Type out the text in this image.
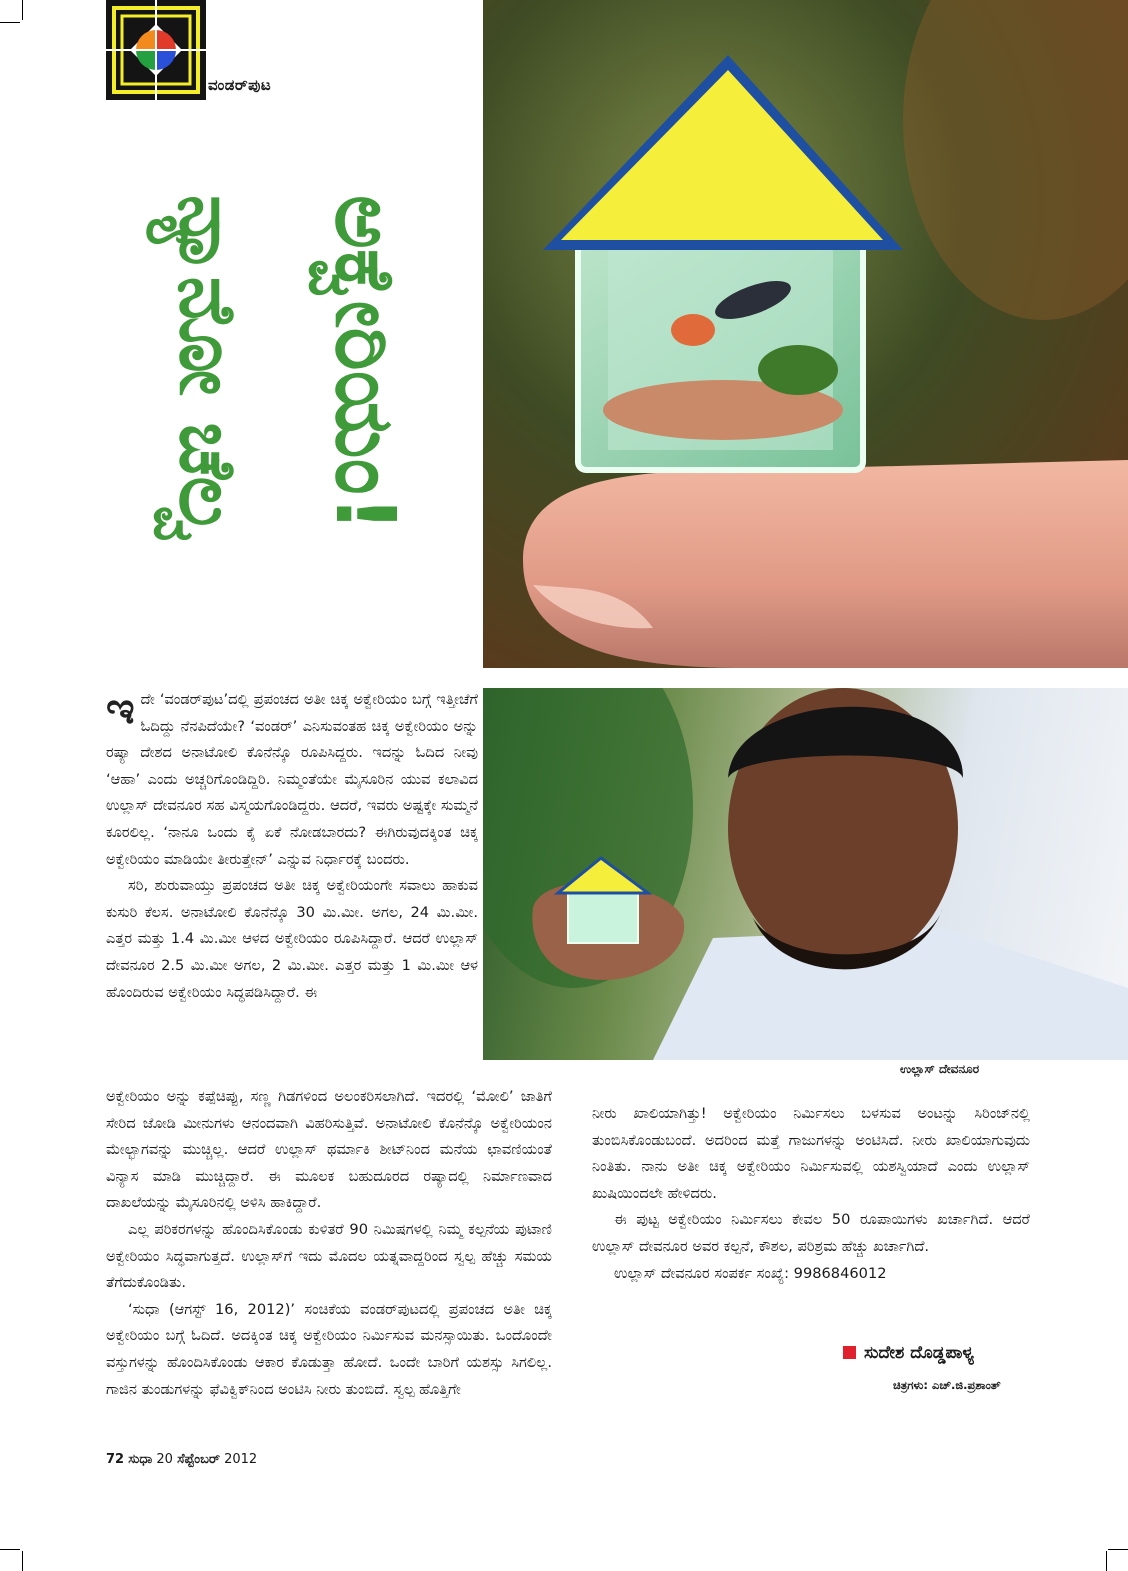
ವಂಡರ್‌ಪುಟ
ನ್ಯಾನೋ ಚೆಲ್ವ ಅಕ್ವೇರಿಯಂ!
ಉಲ್ಲಾಸ್ ದೇವನೂರ

ಇದೇ ‘ವಂಡರ್‌ಪುಟ’ದಲ್ಲಿ ಪ್ರಪಂಚದ ಅತೀ ಚಿಕ್ಕ ಅಕ್ವೇರಿಯಂ ಬಗ್ಗೆ ಇತ್ತೀಚೆಗೆ ಓದಿದ್ದು ನೆನಪಿದೆಯೇ? ‘ವಂಡರ್’ ಎನಿಸುವಂತಹ ಚಿಕ್ಕ ಅಕ್ವೇರಿಯಂ ಅನ್ನು ರಷ್ಯಾ ದೇಶದ ಅನಾಟೋಲಿ ಕೊನೆನ್ಕೊ ರೂಪಿಸಿದ್ದರು. ಇದನ್ನು ಓದಿದ ನೀವು ‘ಆಹಾ’ ಎಂದು ಅಚ್ಚರಿಗೊಂಡಿದ್ದಿರಿ. ನಿಮ್ಮಂತೆಯೇ ಮೈಸೂರಿನ ಯುವ ಕಲಾವಿದ ಉಲ್ಲಾಸ್ ದೇವನೂರ ಸಹ ವಿಸ್ಮಯಗೊಂಡಿದ್ದರು. ಆದರೆ, ಇವರು ಅಷ್ಟಕ್ಕೇ ಸುಮ್ಮನೆ ಕೂರಲಿಲ್ಲ. ‘ನಾನೂ ಒಂದು ಕೈ ಏಕೆ ನೋಡಬಾರದು? ಈಗಿರುವುದಕ್ಕಿಂತ ಚಿಕ್ಕ ಅಕ್ವೇರಿಯಂ ಮಾಡಿಯೇ ತೀರುತ್ತೇನ್’ ಎನ್ನುವ ನಿರ್ಧಾರಕ್ಕೆ ಬಂದರು.

ಸರಿ, ಶುರುವಾಯ್ತು ಪ್ರಪಂಚದ ಅತೀ ಚಿಕ್ಕ ಅಕ್ವೇರಿಯಂಗೇ ಸವಾಲು ಹಾಕುವ ಕುಸುರಿ ಕೆಲಸ. ಅನಾಟೋಲಿ ಕೊನೆನ್ಕೊ 30 ಮಿ.ಮೀ. ಅಗಲ, 24 ಮಿ.ಮೀ. ಎತ್ತರ ಮತ್ತು 1.4 ಮಿ.ಮೀ ಆಳದ ಅಕ್ವೇರಿಯಂ ರೂಪಿಸಿದ್ದಾರೆ. ಆದರೆ ಉಲ್ಲಾಸ್ ದೇವನೂರ 2.5 ಮಿ.ಮೀ ಅಗಲ, 2 ಮಿ.ಮೀ. ಎತ್ತರ ಮತ್ತು 1 ಮಿ.ಮೀ ಆಳ ಹೊಂದಿರುವ ಅಕ್ವೇರಿಯಂ ಸಿದ್ಧಪಡಿಸಿದ್ದಾರೆ. ಈ

ಅಕ್ವೇರಿಯಂ ಅನ್ನು ಕಪ್ಪೆಚಿಪ್ಪು, ಸಣ್ಣ ಗಿಡಗಳಿಂದ ಅಲಂಕರಿಸಲಾಗಿದೆ. ಇದರಲ್ಲಿ ‘ಮೋಲಿ’ ಜಾತಿಗೆ ಸೇರಿದ ಜೋಡಿ ಮೀನುಗಳು ಆನಂದವಾಗಿ ವಿಹರಿಸುತ್ತಿವೆ. ಅನಾಟೋಲಿ ಕೊನೆನ್ಕೊ ಅಕ್ವೇರಿಯಂನ ಮೇಲ್ಭಾಗವನ್ನು ಮುಚ್ಚಿಲ್ಲ. ಆದರೆ ಉಲ್ಲಾಸ್ ಥರ್ಮಾಕಿ ಶೀಟ್‌ನಿಂದ ಮನೆಯ ಛಾವಣಿಯಂತೆ ವಿನ್ಯಾಸ ಮಾಡಿ ಮುಚ್ಚಿದ್ದಾರೆ. ಈ ಮೂಲಕ ಬಹುದೂರದ ರಷ್ಯಾದಲ್ಲಿ ನಿರ್ಮಾಣವಾದ ದಾಖಲೆಯನ್ನು ಮೈಸೂರಿನಲ್ಲಿ ಅಳಿಸಿ ಹಾಕಿದ್ದಾರೆ.

ಎಲ್ಲ ಪರಿಕರಗಳನ್ನು ಹೊಂದಿಸಿಕೊಂಡು ಕುಳಿತರೆ 90 ನಿಮಿಷಗಳಲ್ಲಿ ನಿಮ್ಮ ಕಲ್ಪನೆಯ ಪುಟಾಣಿ ಅಕ್ವೇರಿಯಂ ಸಿದ್ಧವಾಗುತ್ತದೆ. ಉಲ್ಲಾಸ್‌ಗೆ ಇದು ಮೊದಲ ಯತ್ನವಾದ್ದರಿಂದ ಸ್ವಲ್ಪ ಹೆಚ್ಚು ಸಮಯ ತೆಗೆದುಕೊಂಡಿತು.

‘ಸುಧಾ (ಆಗಸ್ಟ್ 16, 2012)’ ಸಂಚಿಕೆಯ ವಂಡರ್‌ಪುಟದಲ್ಲಿ ಪ್ರಪಂಚದ ಅತೀ ಚಿಕ್ಕ ಅಕ್ವೇರಿಯಂ ಬಗ್ಗೆ ಓದಿದೆ. ಅದಕ್ಕಿಂತ ಚಿಕ್ಕ ಅಕ್ವೇರಿಯಂ ನಿರ್ಮಿಸುವ ಮನಸ್ಸಾಯಿತು. ಒಂದೊಂದೇ ವಸ್ತುಗಳನ್ನು ಹೊಂದಿಸಿಕೊಂಡು ಆಕಾರ ಕೊಡುತ್ತಾ ಹೋದೆ. ಒಂದೇ ಬಾರಿಗೆ ಯಶಸ್ಸು ಸಿಗಲಿಲ್ಲ. ಗಾಜಿನ ತುಂಡುಗಳನ್ನು ಫೆವಿಕ್ವಿಕ್‌ನಿಂದ ಅಂಟಿಸಿ ನೀರು ತುಂಬಿದೆ. ಸ್ವಲ್ಪ ಹೊತ್ತಿಗೇ

ನೀರು ಖಾಲಿಯಾಗಿತ್ತು! ಅಕ್ವೇರಿಯಂ ನಿರ್ಮಿಸಲು ಬಳಸುವ ಅಂಟನ್ನು ಸಿರಿಂಜ್‌ನಲ್ಲಿ ತುಂಬಿಸಿಕೊಂಡುಬಂದೆ. ಅದರಿಂದ ಮತ್ತೆ ಗಾಜುಗಳನ್ನು ಅಂಟಿಸಿದೆ. ನೀರು ಖಾಲಿಯಾಗುವುದು ನಿಂತಿತು. ನಾನು ಅತೀ ಚಿಕ್ಕ ಅಕ್ವೇರಿಯಂ ನಿರ್ಮಿಸುವಲ್ಲಿ ಯಶಸ್ವಿಯಾದೆ ಎಂದು ಉಲ್ಲಾಸ್ ಖುಷಿಯಿಂದಲೇ ಹೇಳಿದರು.

ಈ ಪುಟ್ಟ ಅಕ್ವೇರಿಯಂ ನಿರ್ಮಿಸಲು ಕೇವಲ 50 ರೂಪಾಯಿಗಳು ಖರ್ಚಾಗಿದೆ. ಆದರೆ ಉಲ್ಲಾಸ್ ದೇವನೂರ ಅವರ ಕಲ್ಪನೆ, ಕೌಶಲ, ಪರಿಶ್ರಮ ಹೆಚ್ಚು ಖರ್ಚಾಗಿದೆ.

ಉಲ್ಲಾಸ್ ದೇವನೂರ ಸಂಪರ್ಕ ಸಂಖ್ಯೆ: 9986846012

ಸುದೇಶ ದೊಡ್ಡಪಾಳ್ಯ
ಚಿತ್ರಗಳು: ಎಚ್.ಜಿ.ಪ್ರಶಾಂತ್
72 ಸುಧಾ 20 ಸೆಪ್ಟೆಂಬರ್ 2012
